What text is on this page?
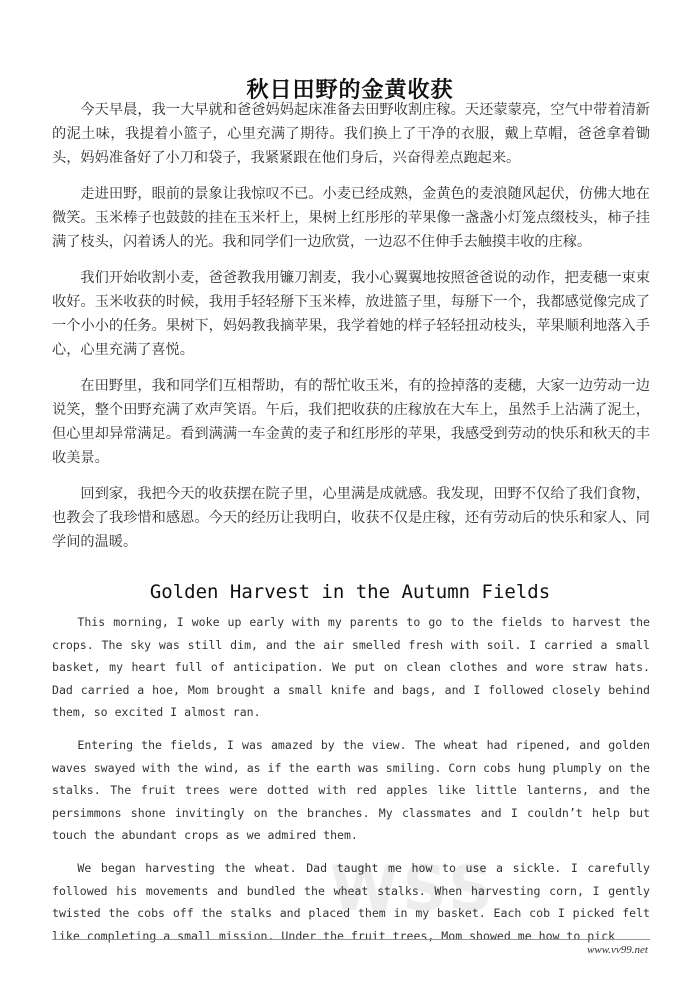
秋日田野的金黄收获

今天早晨，我一大早就和爸爸妈妈起床准备去田野收割庄稼。天还蒙蒙亮，空气中带着清新的泥土味，我提着小篮子，心里充满了期待。我们换上了干净的衣服，戴上草帽，爸爸拿着锄头，妈妈准备好了小刀和袋子，我紧紧跟在他们身后，兴奋得差点跑起来。

走进田野，眼前的景象让我惊叹不已。小麦已经成熟，金黄色的麦浪随风起伏，仿佛大地在微笑。玉米棒子也鼓鼓的挂在玉米杆上，果树上红彤彤的苹果像一盏盏小灯笼点缀枝头，柿子挂满了枝头，闪着诱人的光。我和同学们一边欣赏，一边忍不住伸手去触摸丰收的庄稼。

我们开始收割小麦，爸爸教我用镰刀割麦，我小心翼翼地按照爸爸说的动作，把麦穗一束束收好。玉米收获的时候，我用手轻轻掰下玉米棒，放进篮子里，每掰下一个，我都感觉像完成了一个小小的任务。果树下，妈妈教我摘苹果，我学着她的样子轻轻扭动枝头，苹果顺利地落入手心，心里充满了喜悦。

在田野里，我和同学们互相帮助，有的帮忙收玉米，有的捡掉落的麦穗，大家一边劳动一边说笑，整个田野充满了欢声笑语。午后，我们把收获的庄稼放在大车上，虽然手上沾满了泥土，但心里却异常满足。看到满满一车金黄的麦子和红彤彤的苹果，我感受到劳动的快乐和秋天的丰收美景。

回到家，我把今天的收获摆在院子里，心里满是成就感。我发现，田野不仅给了我们食物，也教会了我珍惜和感恩。今天的经历让我明白，收获不仅是庄稼，还有劳动后的快乐和家人、同学间的温暖。

Golden Harvest in the Autumn Fields

This morning, I woke up early with my parents to go to the fields to harvest the crops. The sky was still dim, and the air smelled fresh with soil. I carried a small basket, my heart full of anticipation. We put on clean clothes and wore straw hats. Dad carried a hoe, Mom brought a small knife and bags, and I followed closely behind them, so excited I almost ran.

Entering the fields, I was amazed by the view. The wheat had ripened, and golden waves swayed with the wind, as if the earth was smiling. Corn cobs hung plumply on the stalks. The fruit trees were dotted with red apples like little lanterns, and the persimmons shone invitingly on the branches. My classmates and I couldn’t help but touch the abundant crops as we admired them.

We began harvesting the wheat. Dad taught me how to use a sickle. I carefully followed his movements and bundled the wheat stalks. When harvesting corn, I gently twisted the cobs off the stalks and placed them in my basket. Each cob I picked felt like completing a small mission. Under the fruit trees, Mom showed me how to pick

WSS
www.vv99.net
